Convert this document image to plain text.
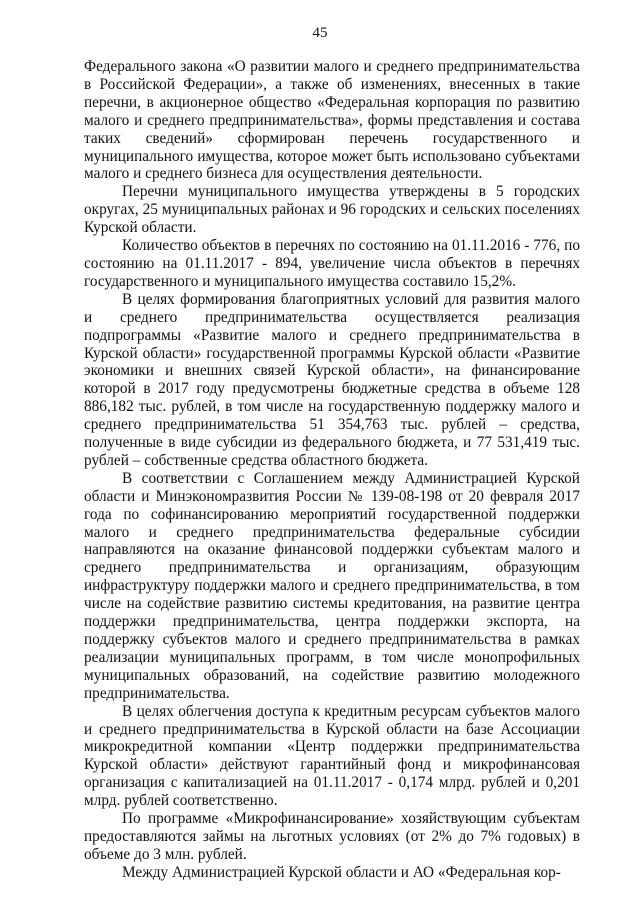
45

Федерального закона «О развитии малого и среднего предпринимательства в Российской Федерации», а также об изменениях, внесенных в такие перечни, в акционерное общество «Федеральная корпорация по развитию малого и среднего предпринимательства», формы представления и состава таких сведений» сформирован перечень государственного и муниципального имущества, которое может быть использовано субъектами малого и среднего бизнеса для осуществления деятельности.

Перечни муниципального имущества утверждены в 5 городских округах, 25 муниципальных районах и 96 городских и сельских поселениях Курской области.

Количество объектов в перечнях по состоянию на 01.11.2016 - 776, по состоянию на 01.11.2017 - 894, увеличение числа объектов в перечнях государственного и муниципального имущества составило 15,2%.

В целях формирования благоприятных условий для развития малого и среднего предпринимательства осуществляется реализация подпрограммы «Развитие малого и среднего предпринимательства в Курской области» государственной программы Курской области «Развитие экономики и внешних связей Курской области», на финансирование которой в 2017 году предусмотрены бюджетные средства в объеме 128 886,182 тыс. рублей, в том числе на государственную поддержку малого и среднего предпринимательства 51 354,763 тыс. рублей – средства, полученные в виде субсидии из федерального бюджета, и 77 531,419 тыс. рублей – собственные средства областного бюджета.

В соответствии с Соглашением между Администрацией Курской области и Минэкономразвития России № 139-08-198 от 20 февраля 2017 года по софинансированию мероприятий государственной поддержки малого и среднего предпринимательства федеральные субсидии направляются на оказание финансовой поддержки субъектам малого и среднего предпринимательства и организациям, образующим инфраструктуру поддержки малого и среднего предпринимательства, в том числе на содействие развитию системы кредитования, на развитие центра поддержки предпринимательства, центра поддержки экспорта, на поддержку субъектов малого и среднего предпринимательства в рамках реализации муниципальных программ, в том числе монопрофильных муниципальных образований, на содействие развитию молодежного предпринимательства.

В целях облегчения доступа к кредитным ресурсам субъектов малого и среднего предпринимательства в Курской области на базе Ассоциации микрокредитной компании «Центр поддержки предпринимательства Курской области» действуют гарантийный фонд и микрофинансовая организация с капитализацией на 01.11.2017 - 0,174 млрд. рублей и 0,201 млрд. рублей соответственно.

По программе «Микрофинансирование» хозяйствующим субъектам предоставляются займы на льготных условиях (от 2% до 7% годовых) в объеме до 3 млн. рублей.

Между Администрацией Курской области и АО «Федеральная кор-
